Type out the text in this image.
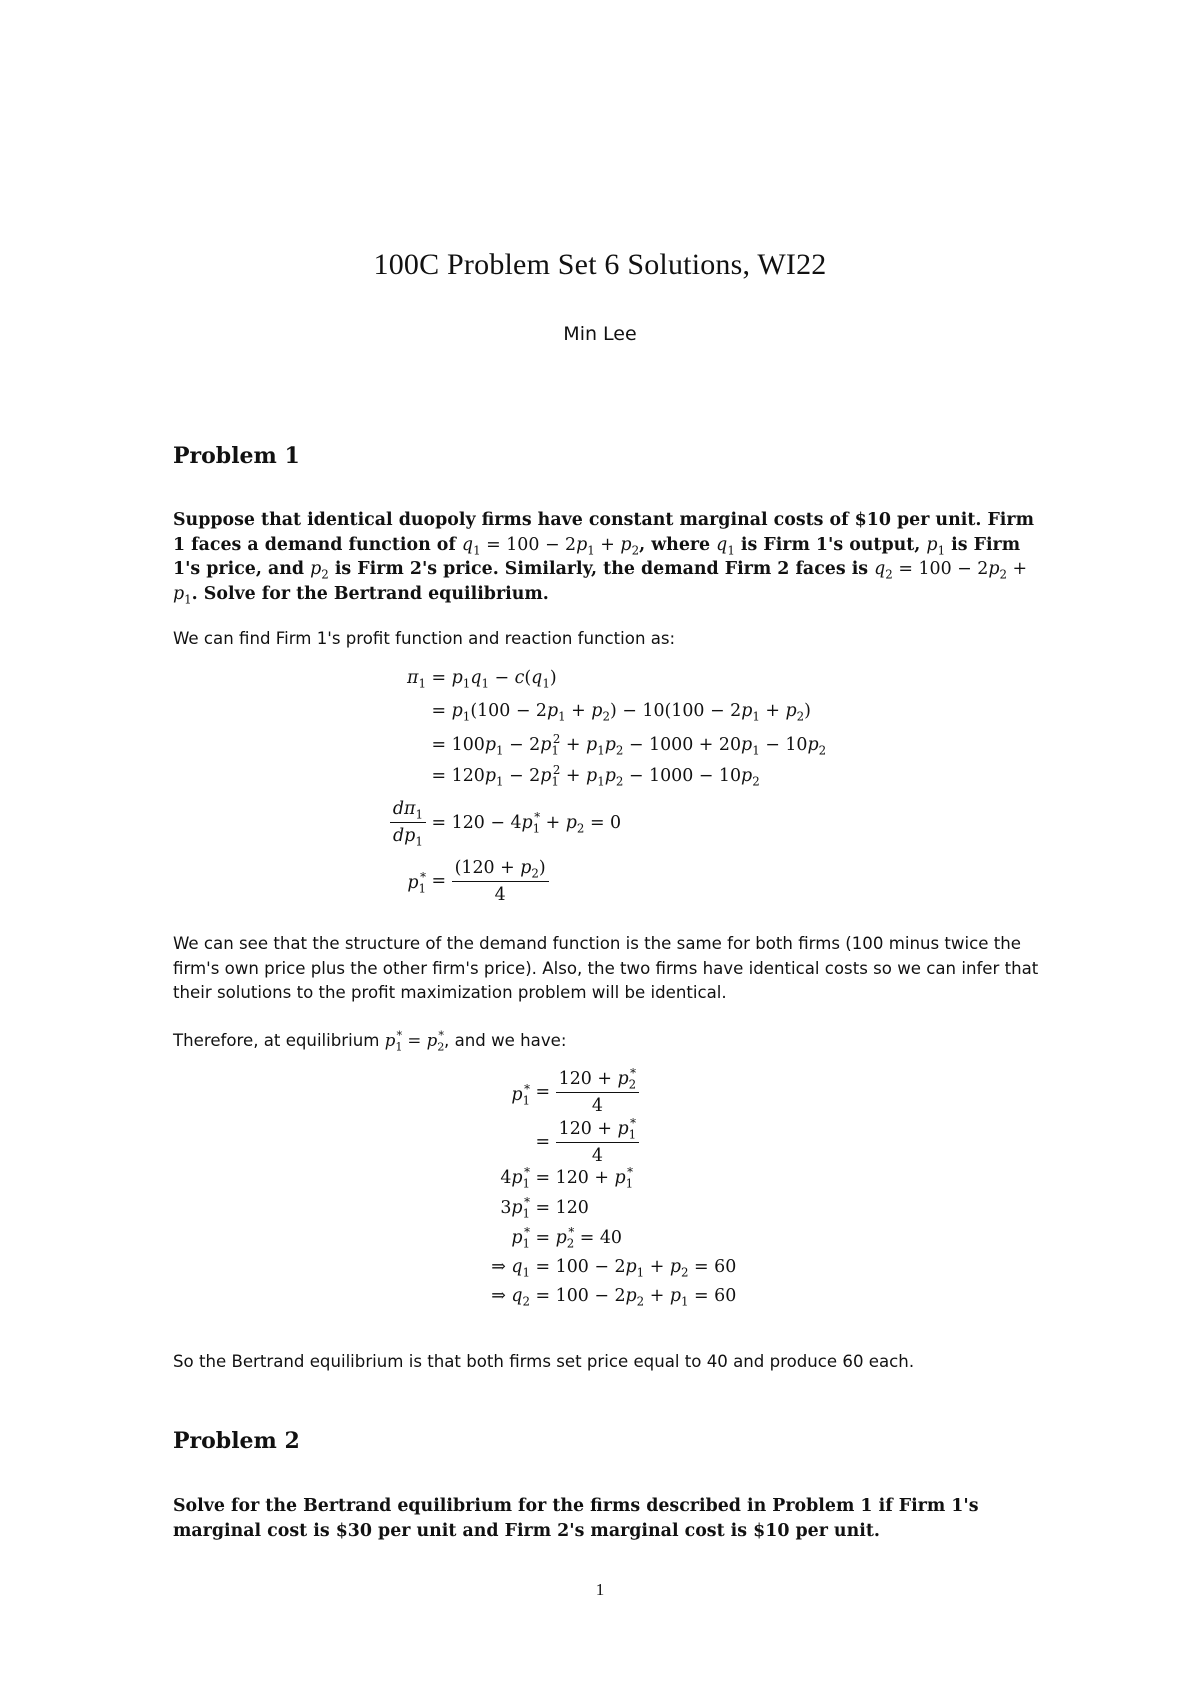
100C Problem Set 6 Solutions, WI22
Min Lee
Problem 1
Suppose that identical duopoly firms have constant marginal costs of $10 per unit. Firm 1 faces a demand function of $q_1 = 100 - 2p_1 + p_2$, where $q_1$ is Firm 1's output, $p_1$ is Firm 1's price, and $p_2$ is Firm 2's price. Similarly, the demand Firm 2 faces is $q_2 = 100 - 2p_2 + p_1$. Solve for the Bertrand equilibrium.
We can find Firm 1's profit function and reaction function as:
$\pi_1 = p_1q_1 - c(q_1)$
= $p_1(100 - 2p_1 + p_2) - 10(100 - 2p_1 + p_2)$
= $100p_1 - 2p_1^2 + p_1p_2 - 1000 + 20p_1 - 10p_2$
= $120p_1 - 2p_1^2 + p_1p_2 - 1000 - 10p_2$
$\frac{d\pi_1}{dp_1} = 120 - 4p_1^* + p_2 = 0$
$p_1^* = \frac{(120 + p_2)}{4}$
We can see that the structure of the demand function is the same for both firms (100 minus twice the firm's own price plus the other firm's price). Also, the two firms have identical costs so we can infer that their solutions to the profit maximization problem will be identical.
Therefore, at equilibrium $p_1^* = p_2^*$, and we have:
$p_1^* = \frac{120 + p_2^*}{4}$
= $\frac{120 + p_1^*}{4}$
$4p_1^* = 120 + p_1^*$
$3p_1^* = 120$
$p_1^* = p_2^* = 40$
⇒ $q_1 = 100 - 2p_1 + p_2 = 60$
⇒ $q_2 = 100 - 2p_2 + p_1 = 60$
So the Bertrand equilibrium is that both firms set price equal to 40 and produce 60 each.
Problem 2
Solve for the Bertrand equilibrium for the firms described in Problem 1 if Firm 1's marginal cost is $30 per unit and Firm 2's marginal cost is $10 per unit.
1
